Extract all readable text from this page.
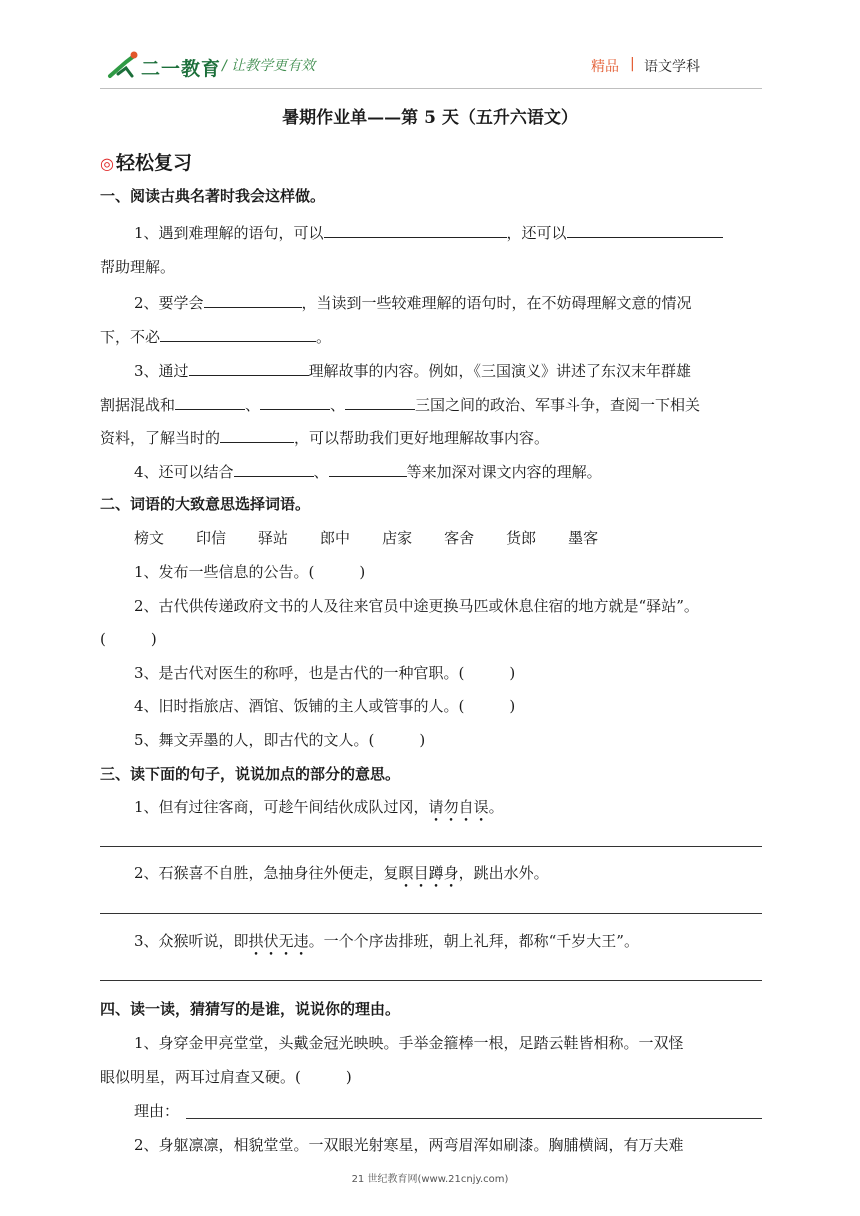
二一教育 / 让教学更有效	精品 | 语文学科
暑期作业单——第 5 天（五升六语文）
◎ 轻松复习
一、阅读古典名著时我会这样做。
1、遇到难理解的语句，可以	，还可以
帮助理解。
2、要学会	，当读到一些较难理解的语句时，在不妨碍理解文意的情况
下，不必	。
3、通过	理解故事的内容。例如，《三国演义》讲述了东汉末年群雄
割据混战和	、	、	三国之间的政治、军事斗争，查阅一下相关
资料，了解当时的	，可以帮助我们更好地理解故事内容。
4、还可以结合	、	等来加深对课文内容的理解。
二、词语的大致意思选择词语。
榜文 印信 驿站 郎中 店家 客舍 货郎 墨客
1、发布一些信息的公告。(　　　)
2、古代供传递政府文书的人及往来官员中途更换马匹或休息住宿的地方就是“驿站”。
(　　　)
3、是古代对医生的称呼，也是古代的一种官职。(　　　)
4、旧时指旅店、酒馆、饭铺的主人或管事的人。(　　　)
5、舞文弄墨的人，即古代的文人。(　　　)
三、读下面的句子，说说加点的部分的意思。
1、但有过往客商，可趁午间结伙成队过冈，请勿自误。
2、石猴喜不自胜，急抽身往外便走，复瞑目蹲身，跳出水外。
3、众猴听说，即拱伏无违。一个个序齿排班，朝上礼拜，都称“千岁大王”。
四、读一读，猜猜写的是谁，说说你的理由。
1、身穿金甲亮堂堂，头戴金冠光映映。手举金箍棒一根，足踏云鞋皆相称。一双怪
眼似明星，两耳过肩查又硬。(　　　)
理由：
2、身躯凛凛，相貌堂堂。一双眼光射寒星，两弯眉浑如刷漆。胸脯横阔，有万夫难
21 世纪教育网(www.21cnjy.com)
